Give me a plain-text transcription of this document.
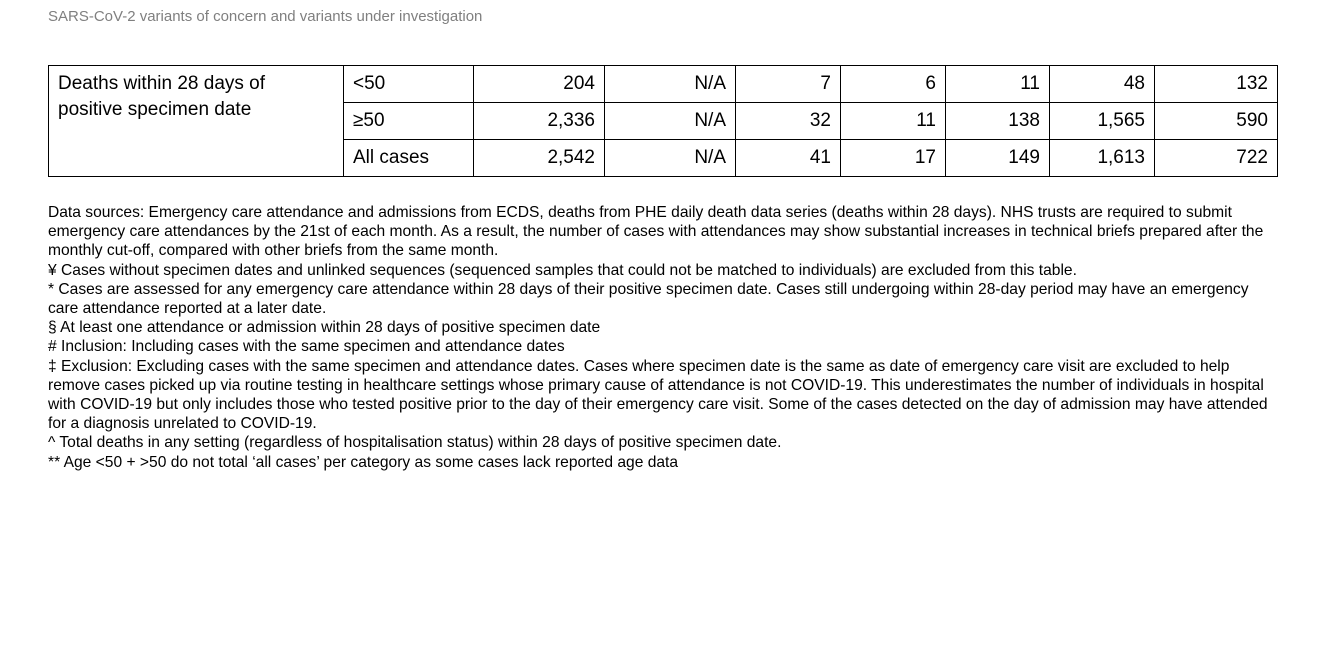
SARS-CoV-2 variants of concern and variants under investigation
Deaths within 28 days of positive specimen date	<50	204	N/A	7	6	11	48	132
	≥50	2,336	N/A	32	11	138	1,565	590
	All cases	2,542	N/A	41	17	149	1,613	722

Data sources: Emergency care attendance and admissions from ECDS, deaths from PHE daily death data series (deaths within 28 days). NHS trusts are required to submit emergency care attendances by the 21st of each month. As a result, the number of cases with attendances may show substantial increases in technical briefs prepared after the monthly cut-off, compared with other briefs from the same month.

¥ Cases without specimen dates and unlinked sequences (sequenced samples that could not be matched to individuals) are excluded from this table.

* Cases are assessed for any emergency care attendance within 28 days of their positive specimen date. Cases still undergoing within 28-day period may have an emergency care attendance reported at a later date.

§ At least one attendance or admission within 28 days of positive specimen date

# Inclusion: Including cases with the same specimen and attendance dates

‡ Exclusion: Excluding cases with the same specimen and attendance dates. Cases where specimen date is the same as date of emergency care visit are excluded to help remove cases picked up via routine testing in healthcare settings whose primary cause of attendance is not COVID-19. This underestimates the number of individuals in hospital with COVID-19 but only includes those who tested positive prior to the day of their emergency care visit. Some of the cases detected on the day of admission may have attended for a diagnosis unrelated to COVID-19.

^ Total deaths in any setting (regardless of hospitalisation status) within 28 days of positive specimen date.

** Age <50 + >50 do not total ‘all cases’ per category as some cases lack reported age data
